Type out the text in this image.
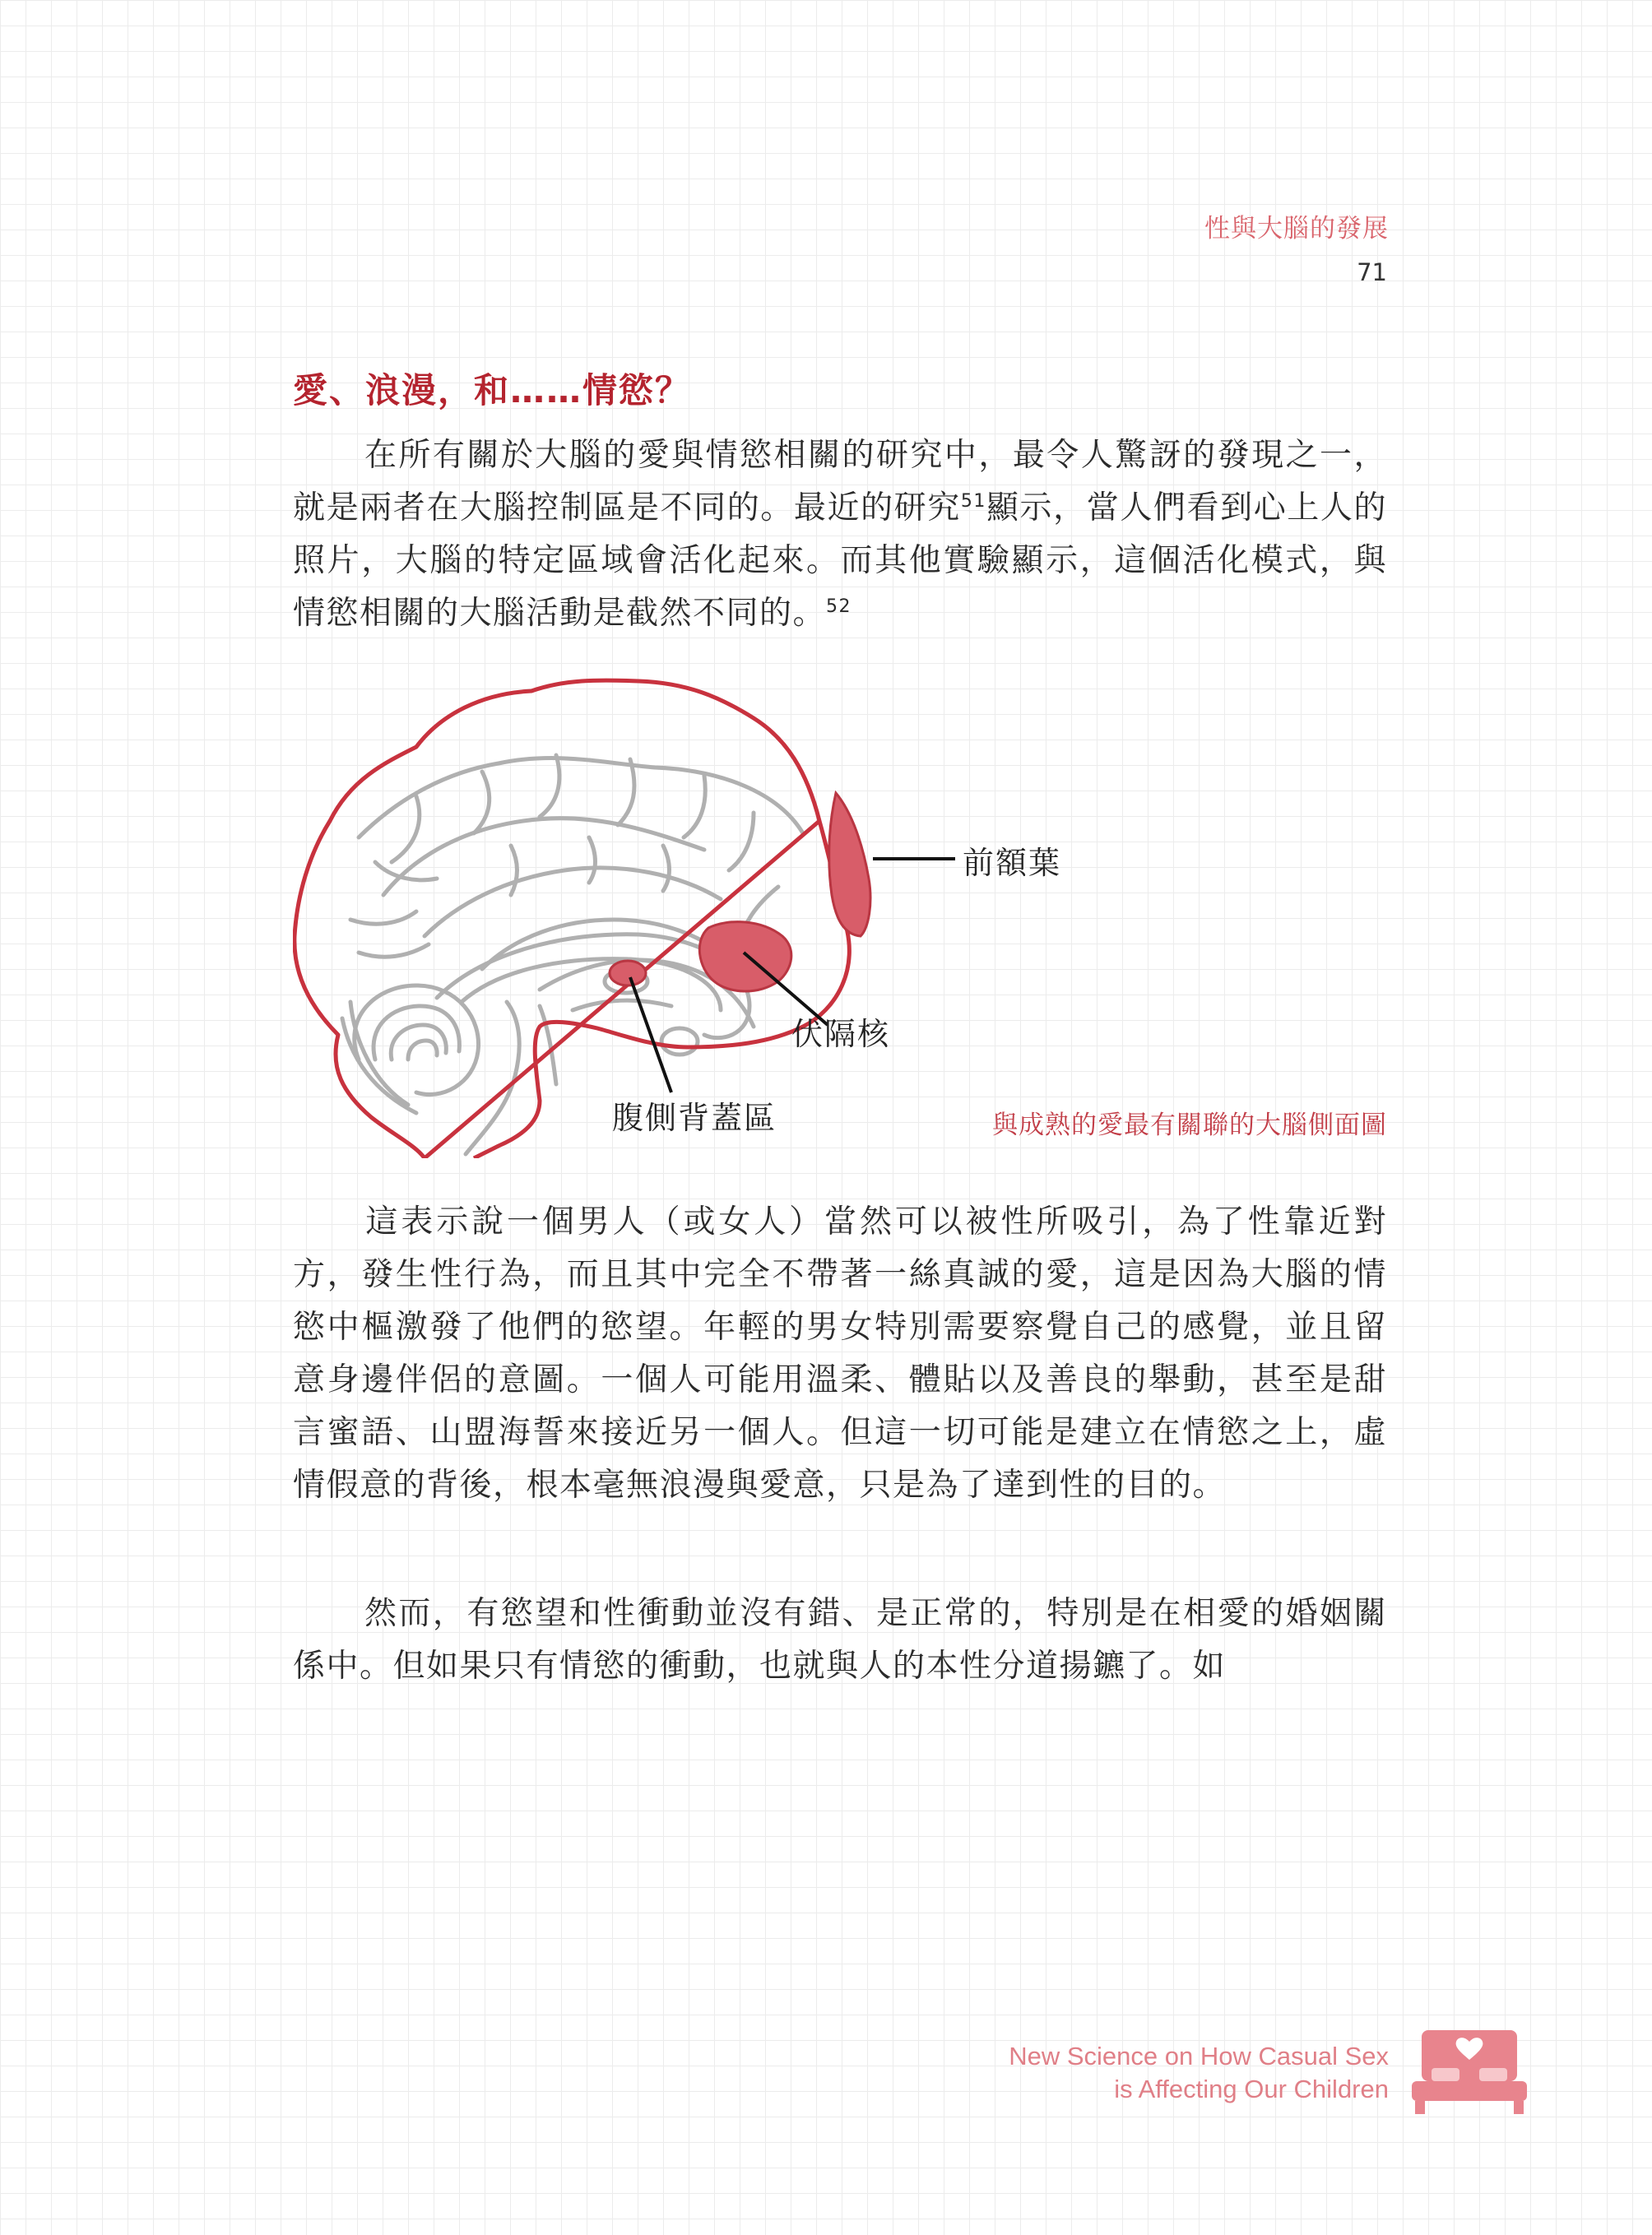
性與大腦的發展
71
愛、浪漫，和……情慾？

在所有關於大腦的愛與情慾相關的研究中，最令人驚訝的發現之一，就是兩者在大腦控制區是不同的。最近的研究$^{51}$顯示，當人們看到心上人的照片，大腦的特定區域會活化起來。而其他實驗顯示，這個活化模式，與情慾相關的大腦活動是截然不同的。$^{52}$

前額葉
伏隔核
腹側背蓋區	與成熟的愛最有關聯的大腦側面圖

這表示說一個男人（或女人）當然可以被性所吸引，為了性靠近對方，發生性行為，而且其中完全不帶著一絲真誠的愛，這是因為大腦的情慾中樞激發了他們的慾望。年輕的男女特別需要察覺自己的感覺，並且留意身邊伴侶的意圖。一個人可能用溫柔、體貼以及善良的舉動，甚至是甜言蜜語、山盟海誓來接近另一個人。但這一切可能是建立在情慾之上，虛情假意的背後，根本毫無浪漫與愛意，只是為了達到性的目的。

然而，有慾望和性衝動並沒有錯、是正常的，特別是在相愛的婚姻關係中。但如果只有情慾的衝動，也就與人的本性分道揚鑣了。如

New Science on How Casual Sex
is Affecting Our Children
